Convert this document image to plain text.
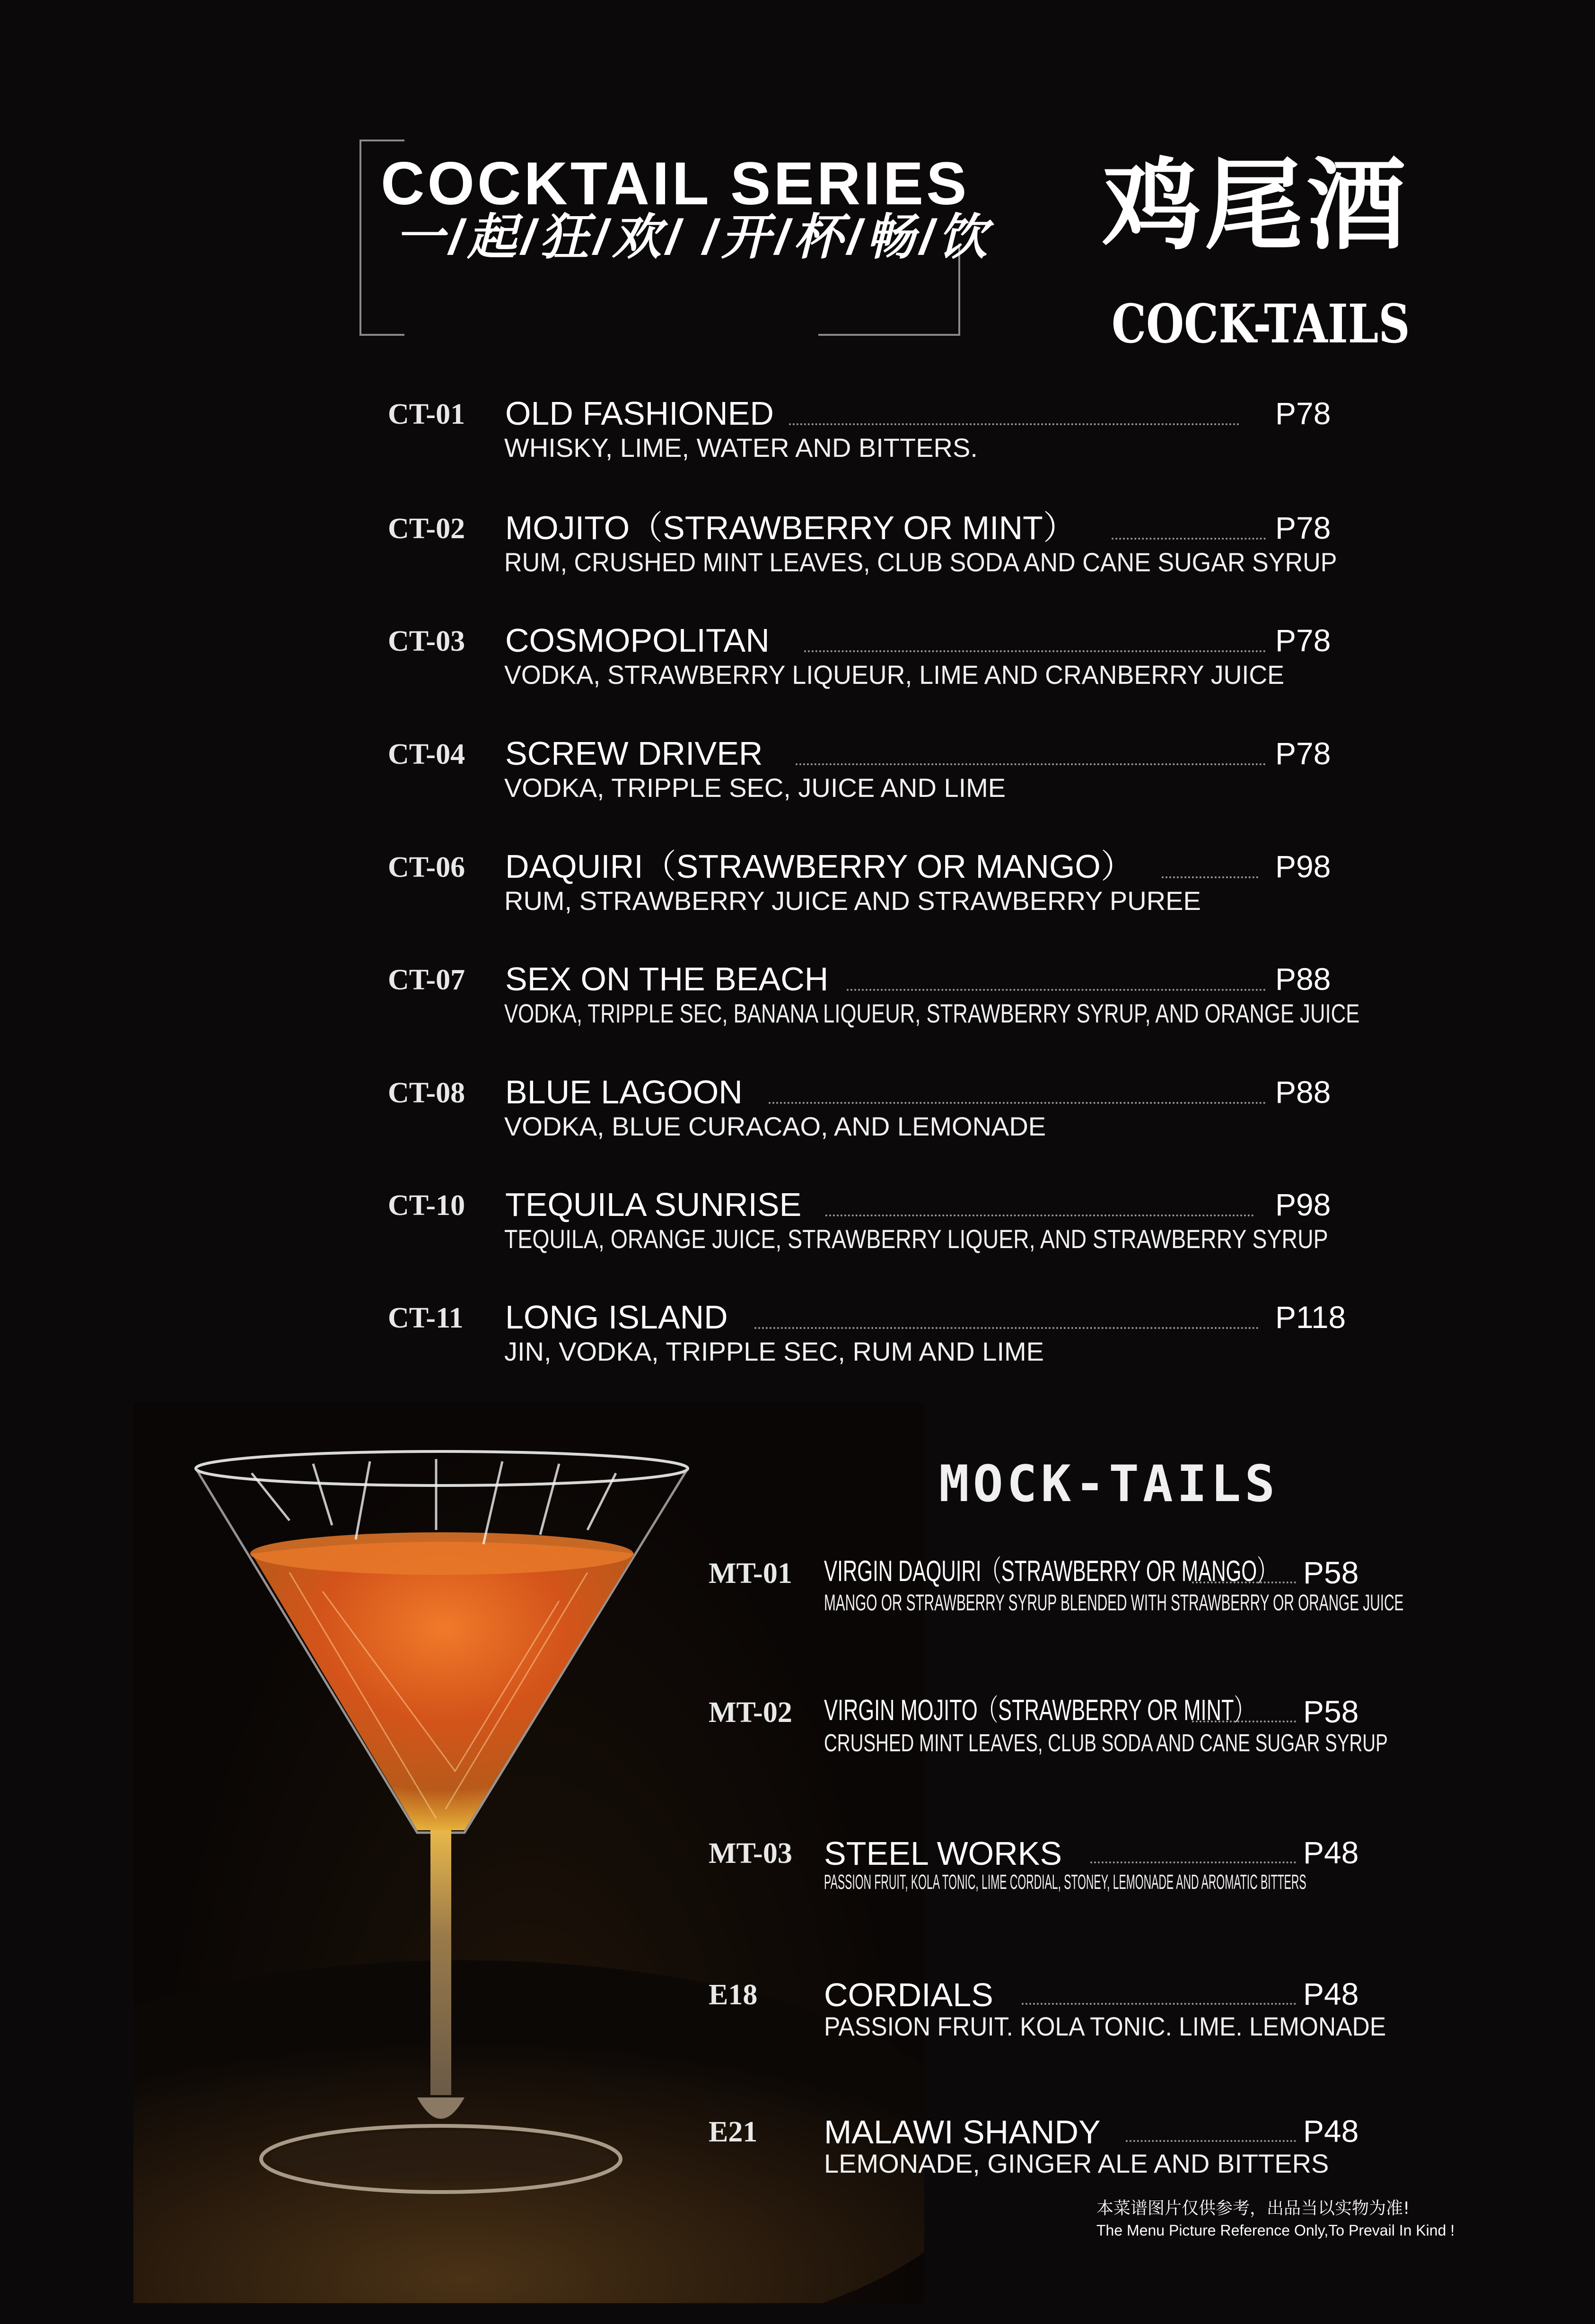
COCKTAIL SERIES
一/起/狂/欢/ /开/杯/畅/饮 鸡尾酒
COCK-TAILS
CT-01 OLD FASHIONED	P78
WHISKY, LIME, WATER AND BITTERS.
CT-02 MOJITO（STRAWBERRY OR MINT）	P78
RUM, CRUSHED MINT LEAVES, CLUB SODA AND CANE SUGAR SYRUP
CT-03 COSMOPOLITAN	P78
VODKA, STRAWBERRY LIQUEUR, LIME AND CRANBERRY JUICE
CT-04 SCREW DRIVER	P78
VODKA, TRIPPLE SEC, JUICE AND LIME
CT-06 DAQUIRI（STRAWBERRY OR MANGO）	P98
RUM, STRAWBERRY JUICE AND STRAWBERRY PUREE
CT-07 SEX ON THE BEACH	P88
VODKA, TRIPPLE SEC, BANANA LIQUEUR, STRAWBERRY SYRUP, AND ORANGE JUICE
CT-08 BLUE LAGOON	P88
VODKA, BLUE CURACAO, AND LEMONADE
CT-10 TEQUILA SUNRISE	P98
TEQUILA, ORANGE JUICE, STRAWBERRY LIQUER, AND STRAWBERRY SYRUP
CT-11 LONG ISLAND	P118
JIN, VODKA, TRIPPLE SEC, RUM AND LIME
MOCK-TAILS
MT-01 VIRGIN DAQUIRI（STRAWBERRY OR MANGO） P58
MANGO OR STRAWBERRY SYRUP BLENDED WITH STRAWBERRY OR ORANGE JUICE
MT-02 VIRGIN MOJITO（STRAWBERRY OR MINT） P58
CRUSHED MINT LEAVES, CLUB SODA AND CANE SUGAR SYRUP
MT-03 STEEL WORKS	P48
PASSION FRUIT, KOLA TONIC, LIME CORDIAL, STONEY, LEMONADE AND AROMATIC BITTERS
E18 CORDIALS	P48
PASSION FRUIT. KOLA TONIC. LIME. LEMONADE
E21 MALAWI SHANDY	P48
LEMONADE, GINGER ALE AND BITTERS
本菜谱图片仅供参考，出品当以实物为准!
The Menu Picture Reference Only,To Prevail In Kind !
